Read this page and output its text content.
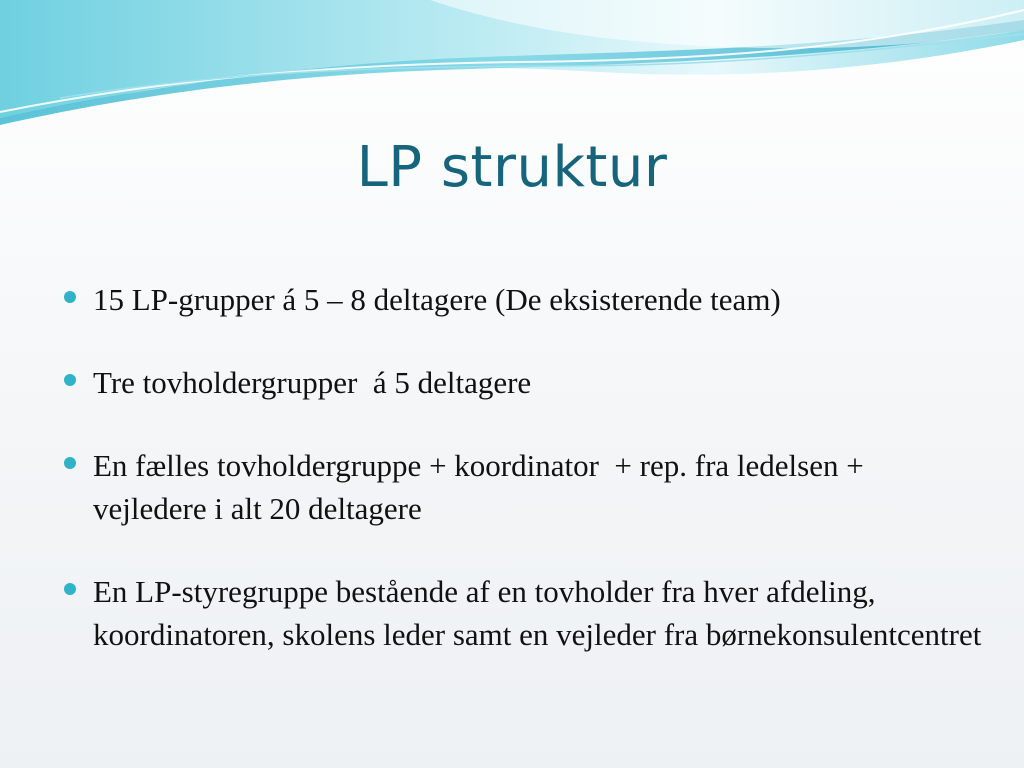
LP struktur
15 LP-grupper á 5 – 8 deltagere (De eksisterende team)
Tre tovholdergrupper  á 5 deltagere
En fælles tovholdergruppe + koordinator  + rep. fra ledelsen + vejledere i alt 20 deltagere
En LP-styregruppe bestående af en tovholder fra hver afdeling, koordinatoren, skolens leder samt en vejleder fra børnekonsulentcentret
